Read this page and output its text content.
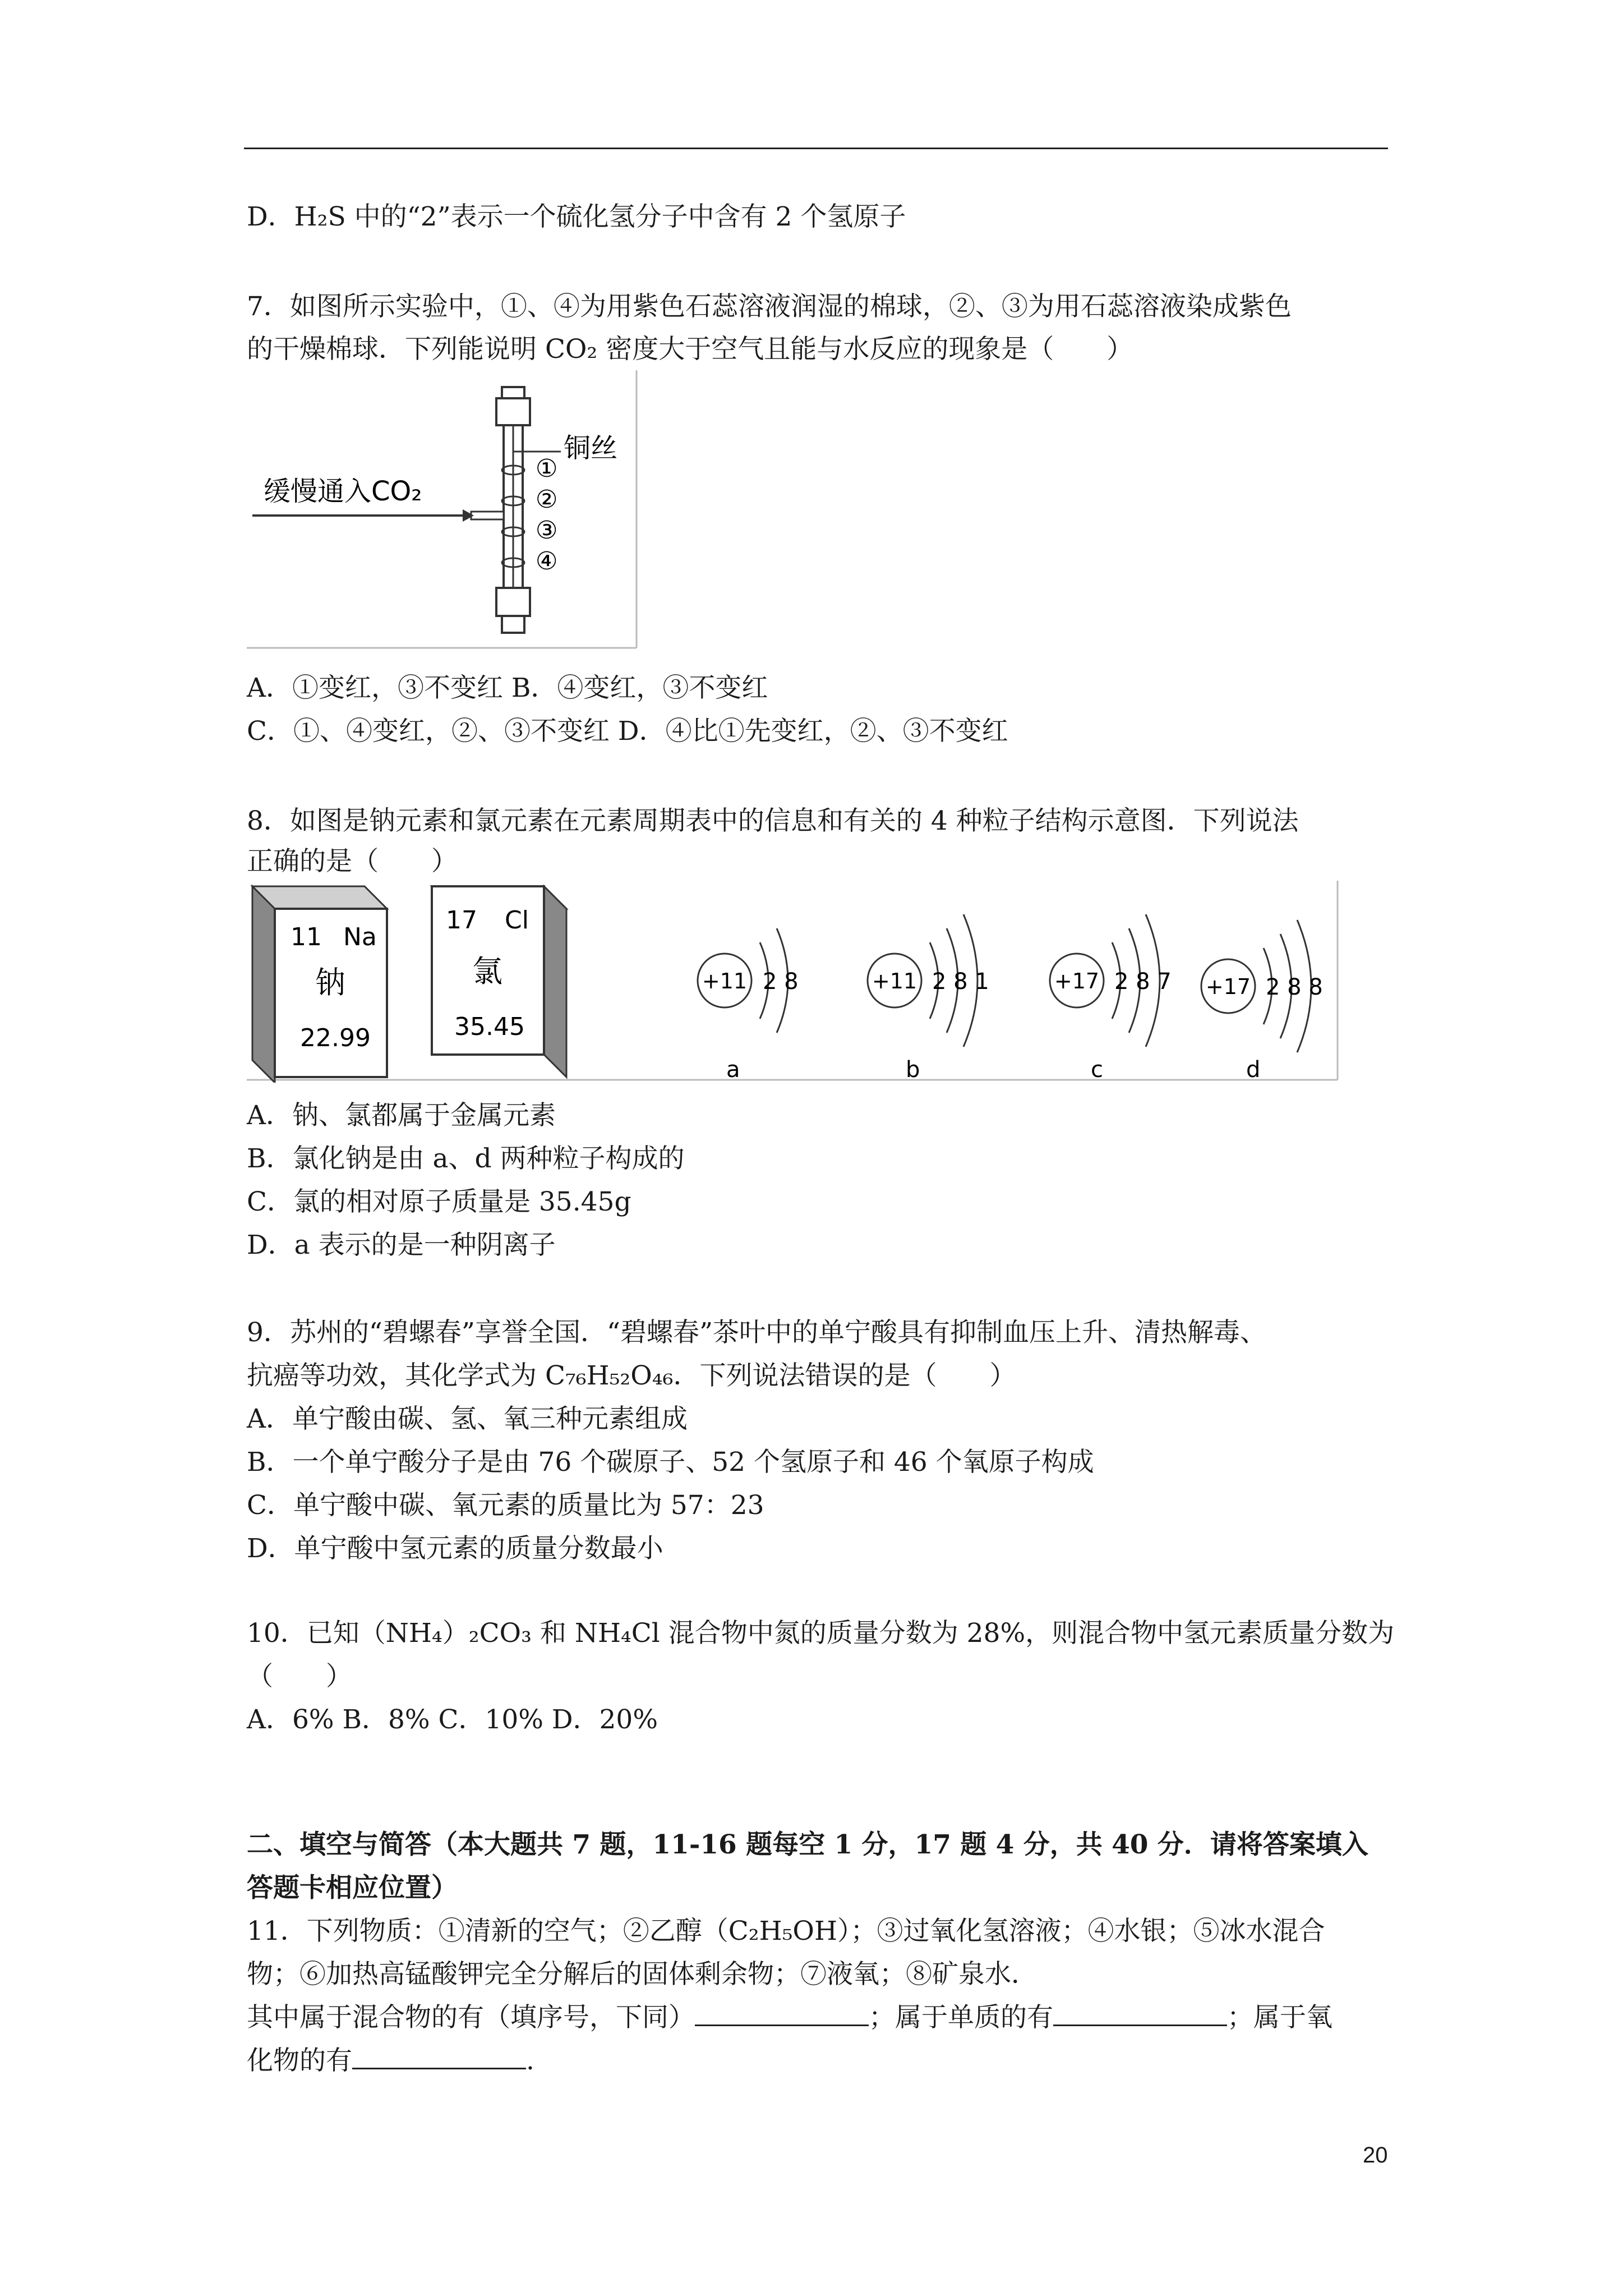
D．H₂S 中的“2”表示一个硫化氢分子中含有 2 个氢原子
7．如图所示实验中，①、④为用紫色石蕊溶液润湿的棉球，②、③为用石蕊溶液染成紫色
的干燥棉球．下列能说明 CO₂ 密度大于空气且能与水反应的现象是（　　）
①
②
③
④
铜丝
缓慢通入CO₂
A．①变红，③不变红 B．④变红，③不变红
C．①、④变红，②、③不变红 D．④比①先变红，②、③不变红
8．如图是钠元素和氯元素在元素周期表中的信息和有关的 4 种粒子结构示意图．下列说法
正确的是（　　）
11 Na
钠
22.99
17 Cl
氯
35.45
+11 2 8
a
+11 2 8 1
b
+17 2 8 7
c
+17 2 8 8
d
A．钠、氯都属于金属元素
B．氯化钠是由 a、d 两种粒子构成的
C．氯的相对原子质量是 35.45g
D．a 表示的是一种阴离子
9．苏州的“碧螺春”享誉全国．“碧螺春”茶叶中的单宁酸具有抑制血压上升、清热解毒、
抗癌等功效，其化学式为 C₇₆H₅₂O₄₆．下列说法错误的是（　　）
A．单宁酸由碳、氢、氧三种元素组成
B．一个单宁酸分子是由 76 个碳原子、52 个氢原子和 46 个氧原子构成
C．单宁酸中碳、氧元素的质量比为 57：23
D．单宁酸中氢元素的质量分数最小
10．已知（NH₄）₂CO₃ 和 NH₄Cl 混合物中氮的质量分数为 28%，则混合物中氢元素质量分数为
（　　）
A．6% B．8% C．10% D．20%
二、填空与简答（本大题共 7 题，11-16 题每空 1 分，17 题 4 分，共 40 分．请将答案填入
答题卡相应位置）
11．下列物质：①清新的空气；②乙醇（C₂H₅OH）；③过氧化氢溶液；④水银；⑤冰水混合
物；⑥加热高锰酸钾完全分解后的固体剩余物；⑦液氧；⑧矿泉水．
其中属于混合物的有（填序号，下同）	；属于单质的有	；属于氧
化物的有	.
20
